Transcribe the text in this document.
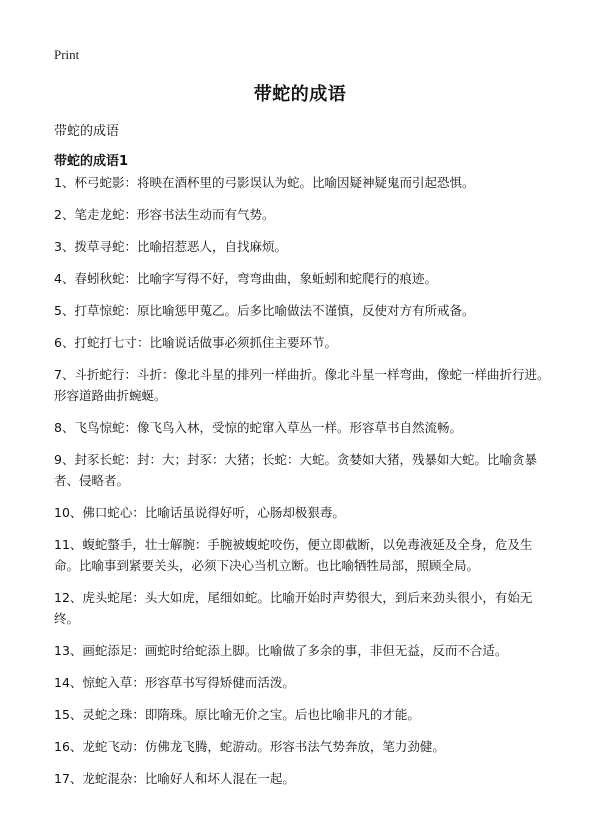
Print
带蛇的成语

带蛇的成语

带蛇的成语1

1、杯弓蛇影：将映在酒杯里的弓影误认为蛇。比喻因疑神疑鬼而引起恐惧。
2、笔走龙蛇：形容书法生动而有气势。
3、拨草寻蛇：比喻招惹恶人，自找麻烦。
4、春蚓秋蛇：比喻字写得不好，弯弯曲曲，象蚯蚓和蛇爬行的痕迹。
5、打草惊蛇：原比喻惩甲蒐乙。后多比喻做法不谨慎，反使对方有所戒备。
6、打蛇打七寸：比喻说话做事必须抓住主要环节。
7、斗折蛇行：斗折：像北斗星的排列一样曲折。像北斗星一样弯曲，像蛇一样曲折行进。形容道路曲折蜿蜒。
8、飞鸟惊蛇：像飞鸟入林，受惊的蛇窜入草丛一样。形容草书自然流畅。
9、封豕长蛇：封：大；封豕：大猪；长蛇：大蛇。贪婪如大猪，残暴如大蛇。比喻贪暴者、侵略者。
10、佛口蛇心：比喻话虽说得好听，心肠却极狠毒。
11、蝮蛇螫手，壮士解腕：手腕被蝮蛇咬伤，便立即截断，以免毒液延及全身，危及生命。比喻事到紧要关头，必须下决心当机立断。也比喻牺牲局部，照顾全局。
12、虎头蛇尾：头大如虎，尾细如蛇。比喻开始时声势很大，到后来劲头很小，有始无终。
13、画蛇添足：画蛇时给蛇添上脚。比喻做了多余的事，非但无益，反而不合适。
14、惊蛇入草：形容草书写得矫健而活泼。
15、灵蛇之珠：即隋珠。原比喻无价之宝。后也比喻非凡的才能。
16、龙蛇飞动：仿佛龙飞腾，蛇游动。形容书法气势奔放，笔力劲健。
17、龙蛇混杂：比喻好人和坏人混在一起。
